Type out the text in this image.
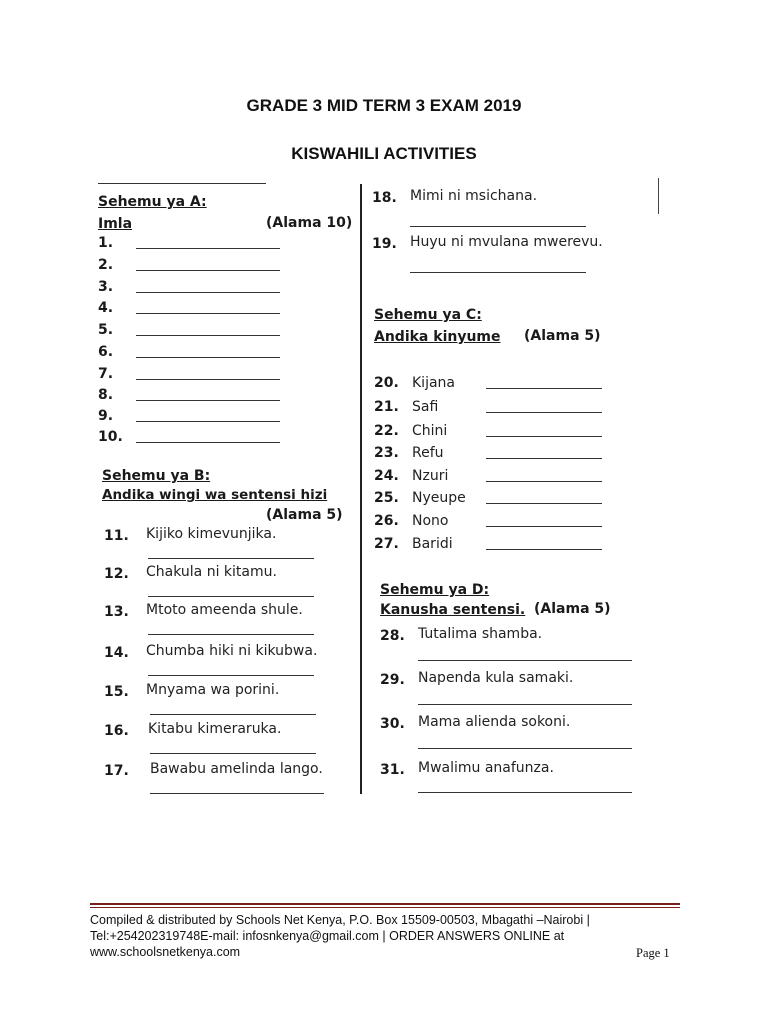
GRADE 3 MID TERM 3 EXAM 2019
KISWAHILI ACTIVITIES
Sehemu ya A:
Imla	(Alama 10)
1.
2.
3.
4.
5.
6.
7.
8.
9.
10.
Sehemu ya B:
Andika wingi wa sentensi hizi
(Alama 5)
11. Kijiko kimevunjika.
12. Chakula ni kitamu.
13. Mtoto ameenda shule.
14. Chumba hiki ni kikubwa.
15. Mnyama wa porini.
16. Kitabu kimeraruka.
17. Bawabu amelinda lango.
18. Mimi ni msichana.
19. Huyu ni mvulana mwerevu.
Sehemu ya C:
Andika kinyume (Alama 5)
20. Kijana
21. Safi
22. Chini
23. Refu
24. Nzuri
25. Nyeupe
26. Nono
27. Baridi
Sehemu ya D:
Kanusha sentensi. (Alama 5)
28. Tutalima shamba.
29. Napenda kula samaki.
30. Mama alienda sokoni.
31. Mwalimu anafunza.
Compiled & distributed by Schools Net Kenya, P.O. Box 15509-00503, Mbagathi –Nairobi | Tel:+254202319748E-mail: infosnkenya@gmail.com | ORDER ANSWERS ONLINE at www.schoolsnetkenya.com	Page 1
